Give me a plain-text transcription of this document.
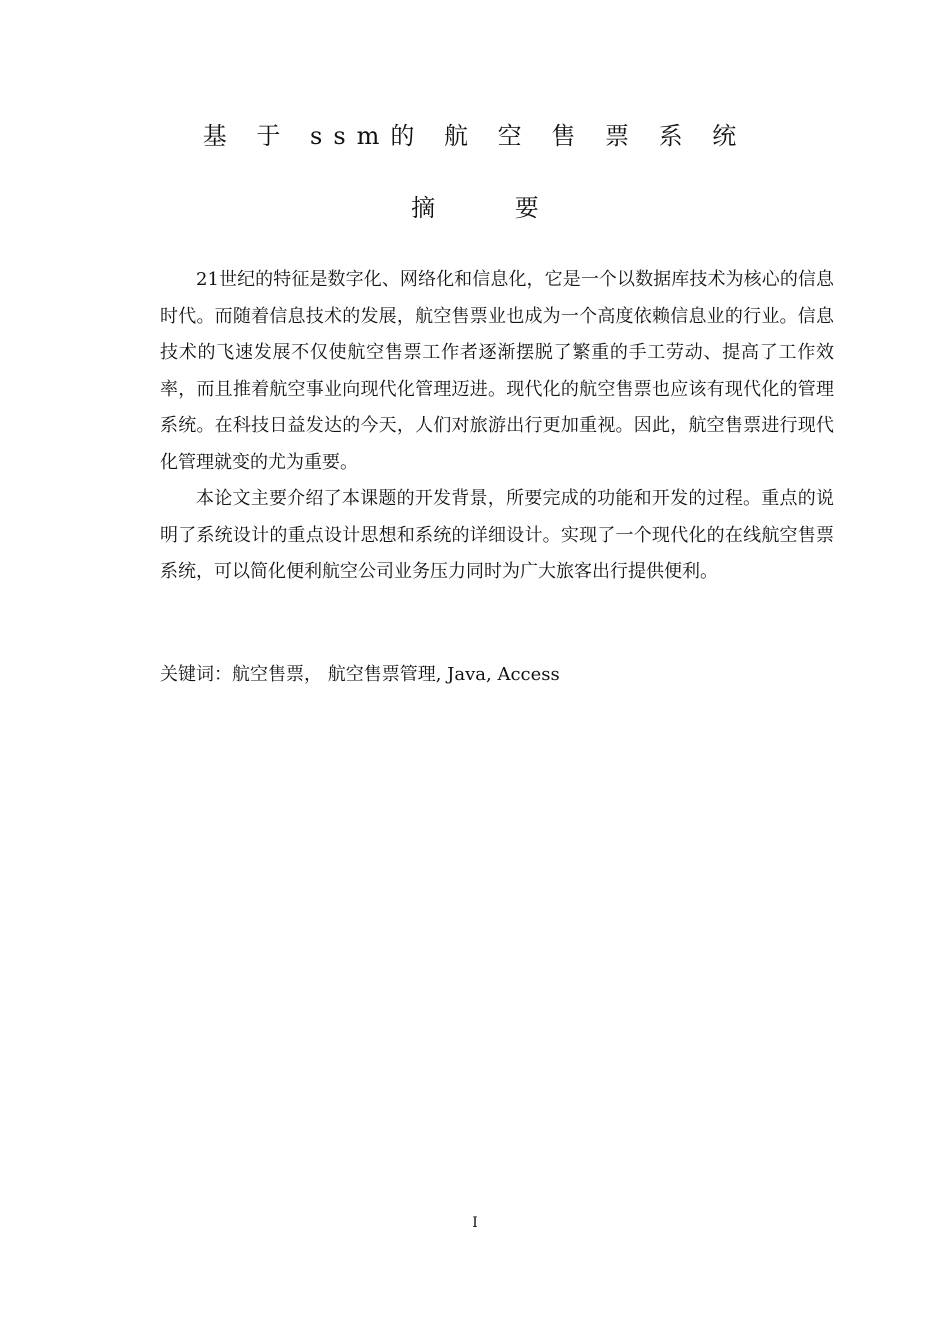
基 于 ssm的 航 空 售 票 系 统
摘 要

21世纪的特征是数字化、网络化和信息化，它是一个以数据库技术为核心的信息时代。而随着信息技术的发展，航空售票业也成为一个高度依赖信息业的行业。信息技术的飞速发展不仅使航空售票工作者逐渐摆脱了繁重的手工劳动、提高了工作效率，而且推着航空事业向现代化管理迈进。现代化的航空售票也应该有现代化的管理系统。在科技日益发达的今天，人们对旅游出行更加重视。因此，航空售票进行现代化管理就变的尤为重要。

本论文主要介绍了本课题的开发背景，所要完成的功能和开发的过程。重点的说明了系统设计的重点设计思想和系统的详细设计。实现了一个现代化的在线航空售票系统，可以简化便利航空公司业务压力同时为广大旅客出行提供便利。

关键词：航空售票， 航空售票管理, Java, Access
I
